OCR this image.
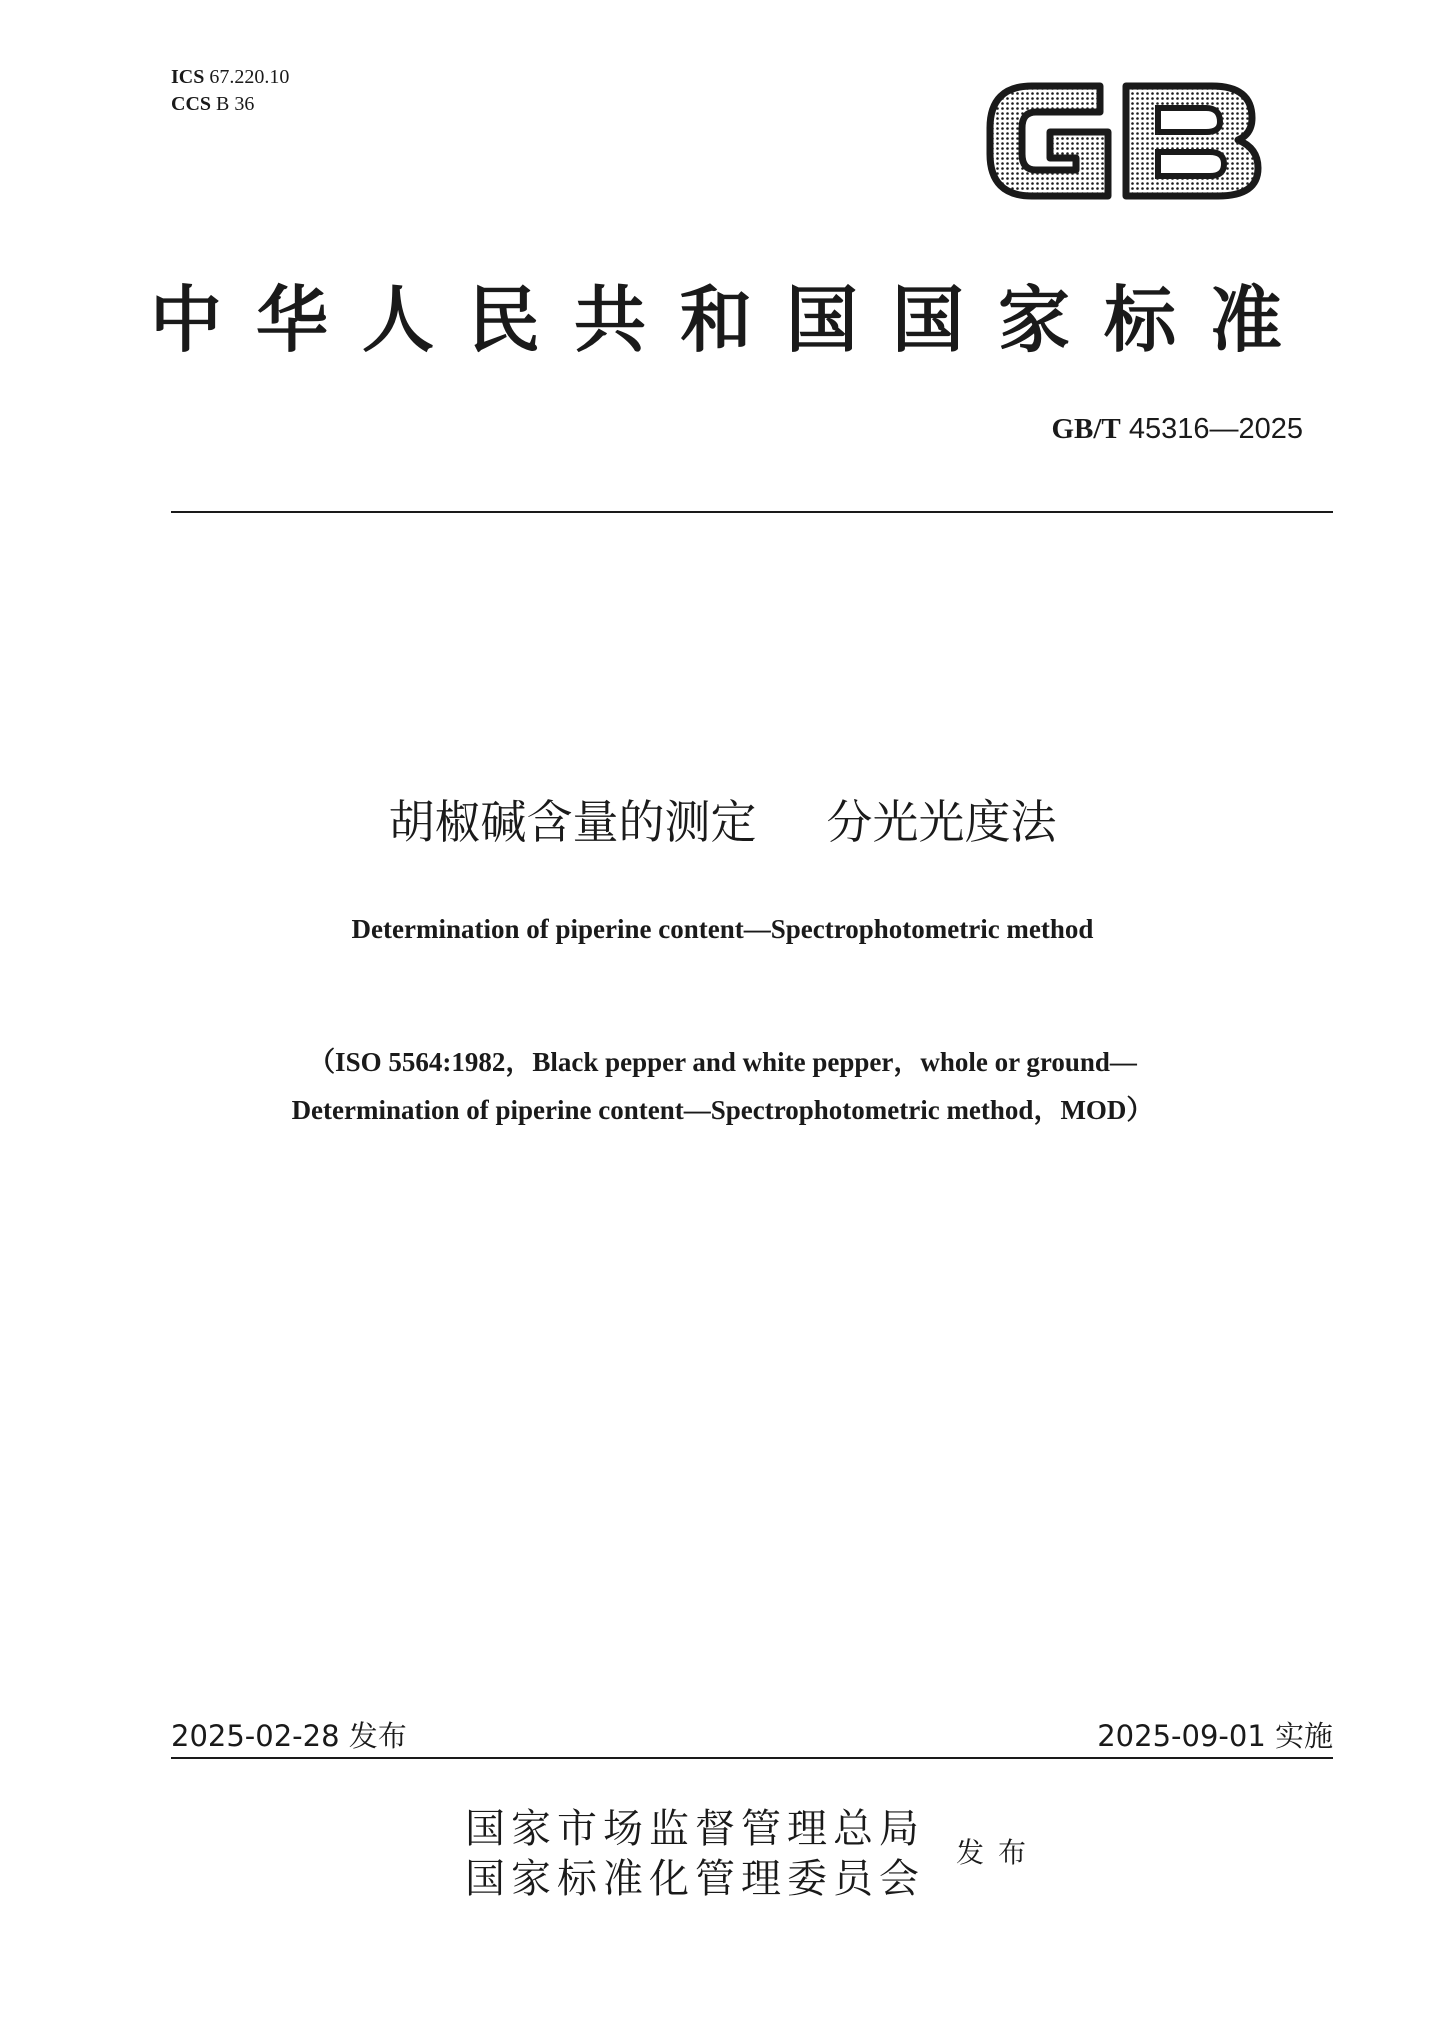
ICS 67.220.10
CCS B 36
GB
中华人民共和国国家标准
GB/T 45316—2025
胡椒碱含量的测定 分光光度法
Determination of piperine content—Spectrophotometric method
（ISO 5564:1982，Black pepper and white pepper，whole or ground—
Determination of piperine content—Spectrophotometric method，MOD）
2025-02-28 发布	2025-09-01 实施
国家市场监督管理总局
国家标准化管理委员会
发布
